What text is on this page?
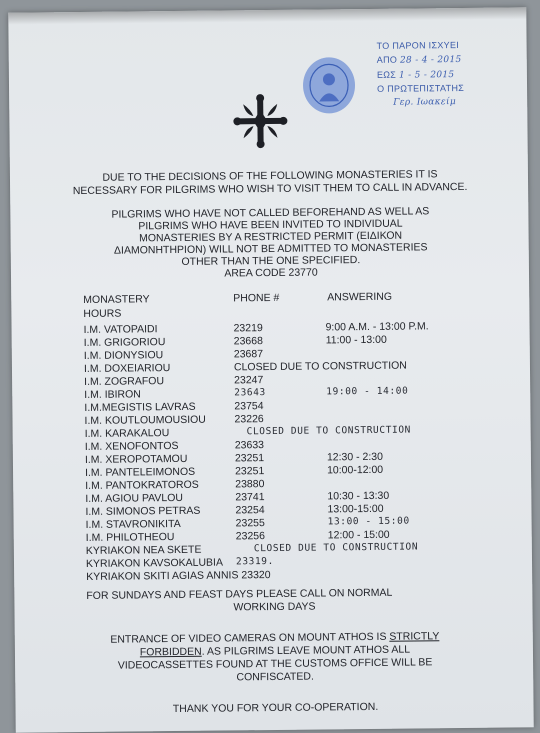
ΤΟ ΠΑΡΟΝ ΙΣΧΥΕΙ
ΑΠΟ 28 - 4 - 2015
ΕΩΣ 1 - 5 - 2015
Ο ΠΡΩΤΕΠΙΣΤΑΤΗΣ
Γερ. Ιωακείμ
DUE TO THE DECISIONS OF THE FOLLOWING MONASTERIES IT IS NECESSARY FOR PILGRIMS WHO WISH TO VISIT THEM TO CALL IN ADVANCE.
PILGRIMS WHO HAVE NOT CALLED BEFOREHAND AS WELL AS
PILGRIMS WHO HAVE BEEN INVITED TO INDIVIDUAL
MONASTERIES BY A RESTRICTED PERMIT (ΕΙΔΙΚΟΝ
ΔΙΑΜΟΝΗΤΗΡΙΟΝ) WILL NOT BE ADMITTED TO MONASTERIES
OTHER THAN THE ONE SPECIFIED.
AREA CODE 23770
MONASTERY	PHONE #	ANSWERING
HOURS
I.M. VATOPAIDI	23219	9:00 A.M. - 13:00 P.M.
I.M. GRIGORIOU	23668	11:00 - 13:00
I.M. DIONYSIOU	23687
I.M. DOXEIARIOU	CLOSED DUE TO CONSTRUCTION
I.M. ZOGRAFOU	23247
I.M. IBIRON	23643	19:00 - 14:00
I.M.MEGISTIS LAVRAS	23754
I.M. KOUTLOUMOUSIOU	23226
I.M. KARAKALOU	CLOSED DUE TO CONSTRUCTION
I.M. XENOFONTOS	23633
I.M. XEROPOTAMOU	23251	12:30 - 2:30
I.M. PANTELEIMONOS	23251	10:00-12:00
I.M. PANTOKRATOROS	23880
I.M. AGIOU PAVLOU	23741	10:30 - 13:30
I.M. SIMONOS PETRAS	23254	13:00-15:00
I.M. STAVRONIKITA	23255	13:00 - 15:00
I.M. PHILOTHEOU	23256	12:00 - 15:00
KYRIAKON NEA SKETE	CLOSED DUE TO CONSTRUCTION
KYRIAKON KAVSOKALUBIA 23319.
KYRIAKON SKITI AGIAS ANNIS 23320
FOR SUNDAYS AND FEAST DAYS PLEASE CALL ON NORMAL
WORKING DAYS
ENTRANCE OF VIDEO CAMERAS ON MOUNT ATHOS IS STRICTLY
FORBIDDEN. AS PILGRIMS LEAVE MOUNT ATHOS ALL
VIDEOCASSETTES FOUND AT THE CUSTOMS OFFICE WILL BE
CONFISCATED.
THANK YOU FOR YOUR CO-OPERATION.
